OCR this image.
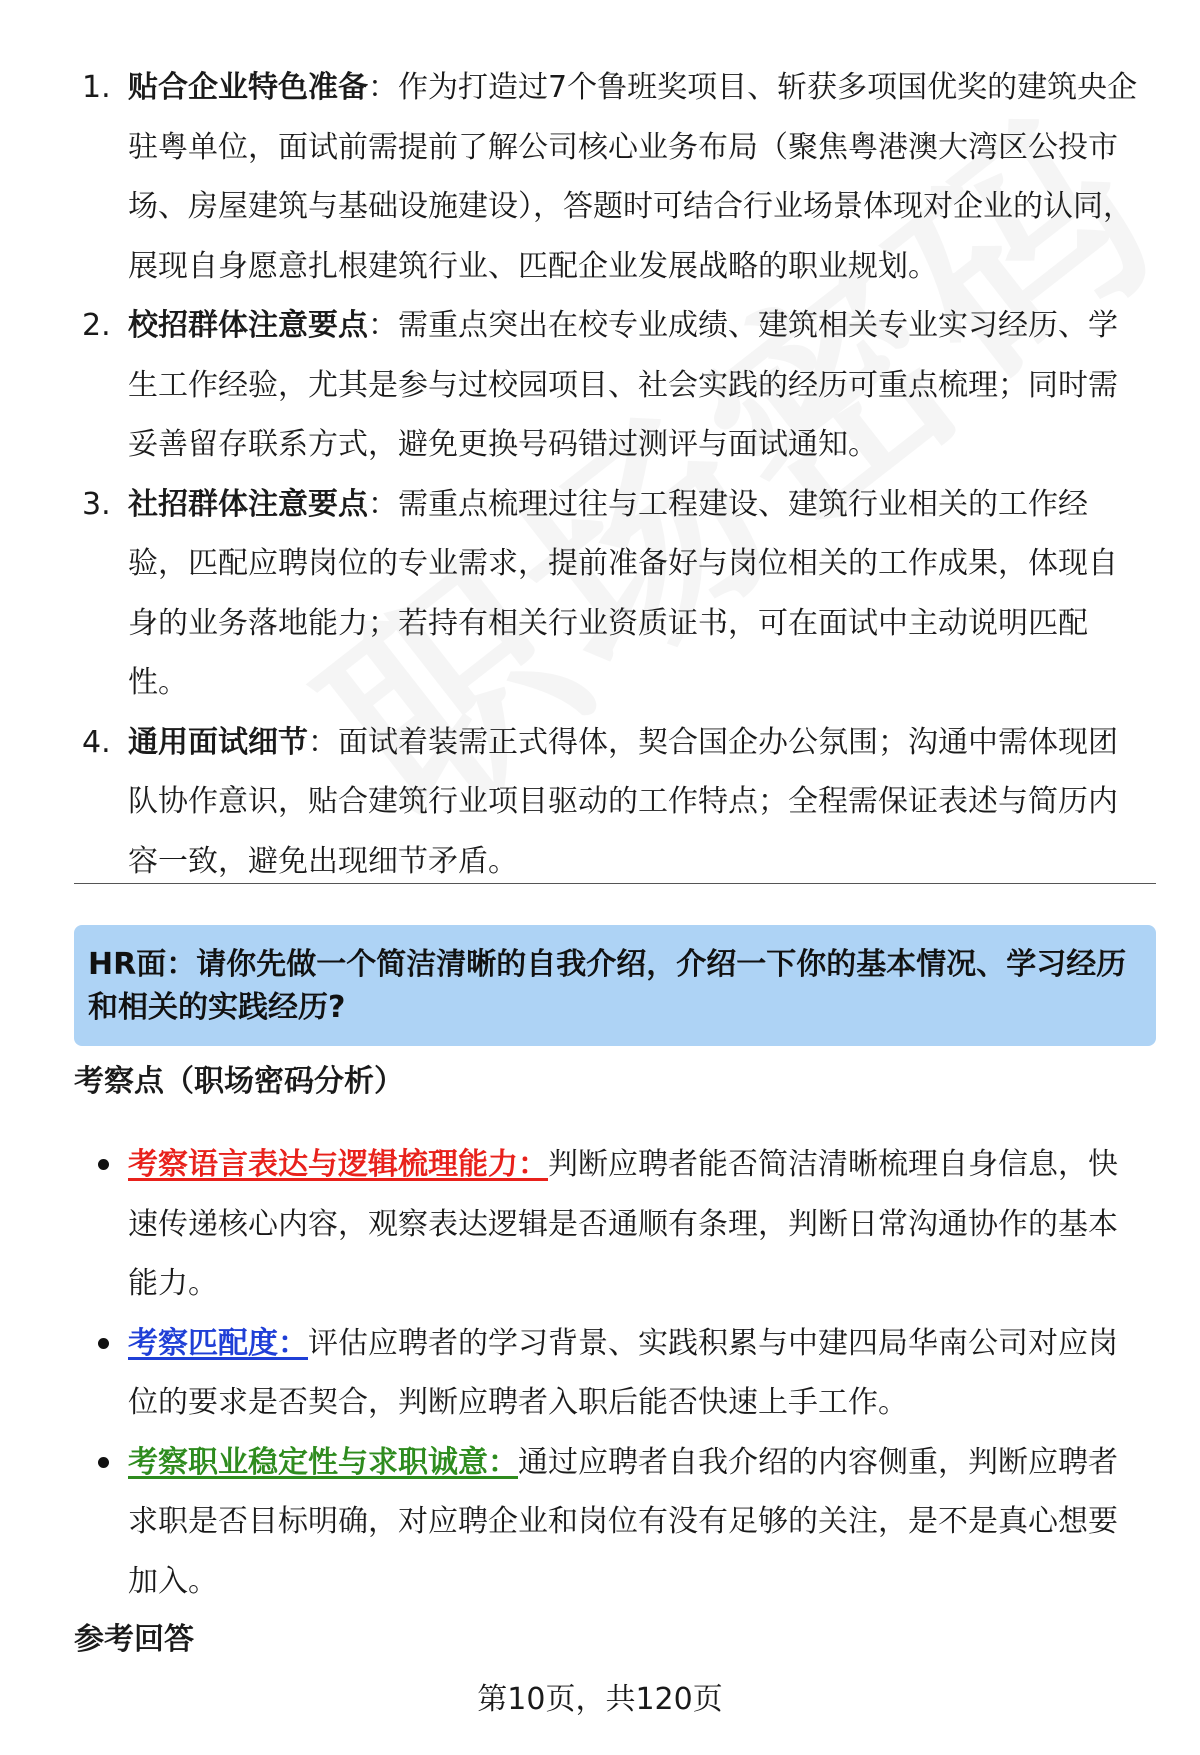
1. 贴合企业特色准备：作为打造过7个鲁班奖项目、斩获多项国优奖的建筑央企驻粤单位，面试前需提前了解公司核心业务布局（聚焦粤港澳大湾区公投市场、房屋建筑与基础设施建设），答题时可结合行业场景体现对企业的认同，展现自身愿意扎根建筑行业、匹配企业发展战略的职业规划。
2. 校招群体注意要点：需重点突出在校专业成绩、建筑相关专业实习经历、学生工作经验，尤其是参与过校园项目、社会实践的经历可重点梳理；同时需妥善留存联系方式，避免更换号码错过测评与面试通知。
3. 社招群体注意要点：需重点梳理过往与工程建设、建筑行业相关的工作经验，匹配应聘岗位的专业需求，提前准备好与岗位相关的工作成果，体现自身的业务落地能力；若持有相关行业资质证书，可在面试中主动说明匹配性。
4. 通用面试细节：面试着装需正式得体，契合国企办公氛围；沟通中需体现团队协作意识，贴合建筑行业项目驱动的工作特点；全程需保证表述与简历内容一致，避免出现细节矛盾。
HR面：请你先做一个简洁清晰的自我介绍，介绍一下你的基本情况、学习经历和相关的实践经历?
考察点（职场密码分析）
考察语言表达与逻辑梳理能力：判断应聘者能否简洁清晰梳理自身信息，快速传递核心内容，观察表达逻辑是否通顺有条理，判断日常沟通协作的基本能力。
考察匹配度：评估应聘者的学习背景、实践积累与中建四局华南公司对应岗位的要求是否契合，判断应聘者入职后能否快速上手工作。
考察职业稳定性与求职诚意：通过应聘者自我介绍的内容侧重，判断应聘者求职是否目标明确，对应聘企业和岗位有没有足够的关注，是不是真心想要加入。
参考回答
第10页，共120页
